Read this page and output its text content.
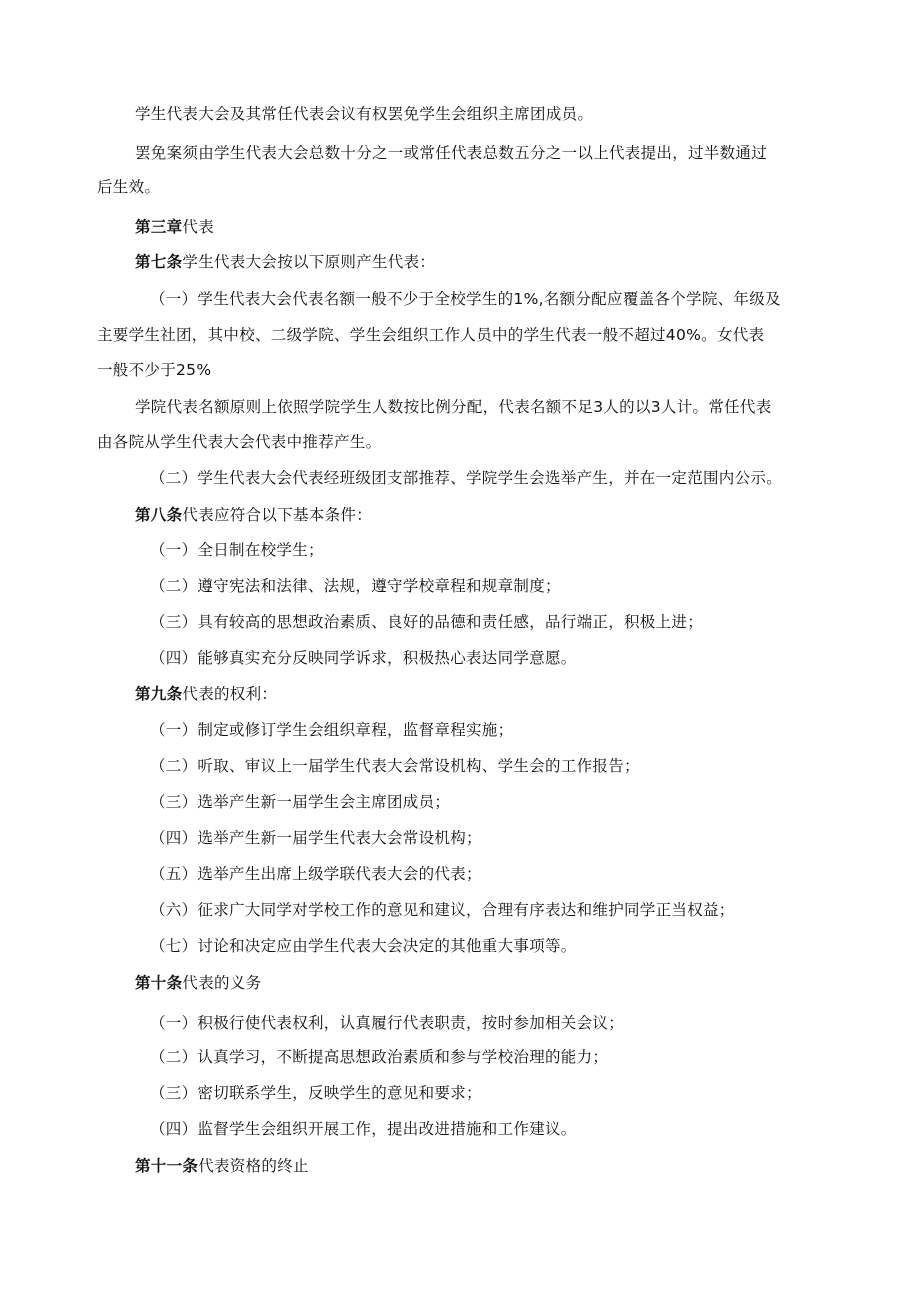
学生代表大会及其常任代表会议有权罢免学生会组织主席团成员。
罢免案须由学生代表大会总数十分之一或常任代表总数五分之一以上代表提出，过半数通过
后生效。
第三章代表
第七条学生代表大会按以下原则产生代表：
（一）学生代表大会代表名额一般不少于全校学生的1%,名额分配应覆盖各个学院、年级及
主要学生社团，其中校、二级学院、学生会组织工作人员中的学生代表一般不超过40%。女代表
一般不少于25%
学院代表名额原则上依照学院学生人数按比例分配，代表名额不足3人的以3人计。常任代表
由各院从学生代表大会代表中推荐产生。
（二）学生代表大会代表经班级团支部推荐、学院学生会选举产生，并在一定范围内公示。
第八条代表应符合以下基本条件：
（一）全日制在校学生；
（二）遵守宪法和法律、法规，遵守学校章程和规章制度；
（三）具有较高的思想政治素质、良好的品德和责任感，品行端正，积极上进；
（四）能够真实充分反映同学诉求，积极热心表达同学意愿。
第九条代表的权利：
（一）制定或修订学生会组织章程，监督章程实施；
（二）听取、审议上一届学生代表大会常设机构、学生会的工作报告；
（三）选举产生新一届学生会主席团成员；
（四）选举产生新一届学生代表大会常设机构；
（五）选举产生出席上级学联代表大会的代表；
（六）征求广大同学对学校工作的意见和建议，合理有序表达和维护同学正当权益；
（七）讨论和决定应由学生代表大会决定的其他重大事项等。
第十条代表的义务
（一）积极行使代表权利，认真履行代表职责，按时参加相关会议；
（二）认真学习，不断提高思想政治素质和参与学校治理的能力；
（三）密切联系学生，反映学生的意见和要求；
（四）监督学生会组织开展工作，提出改进措施和工作建议。
第十一条代表资格的终止
